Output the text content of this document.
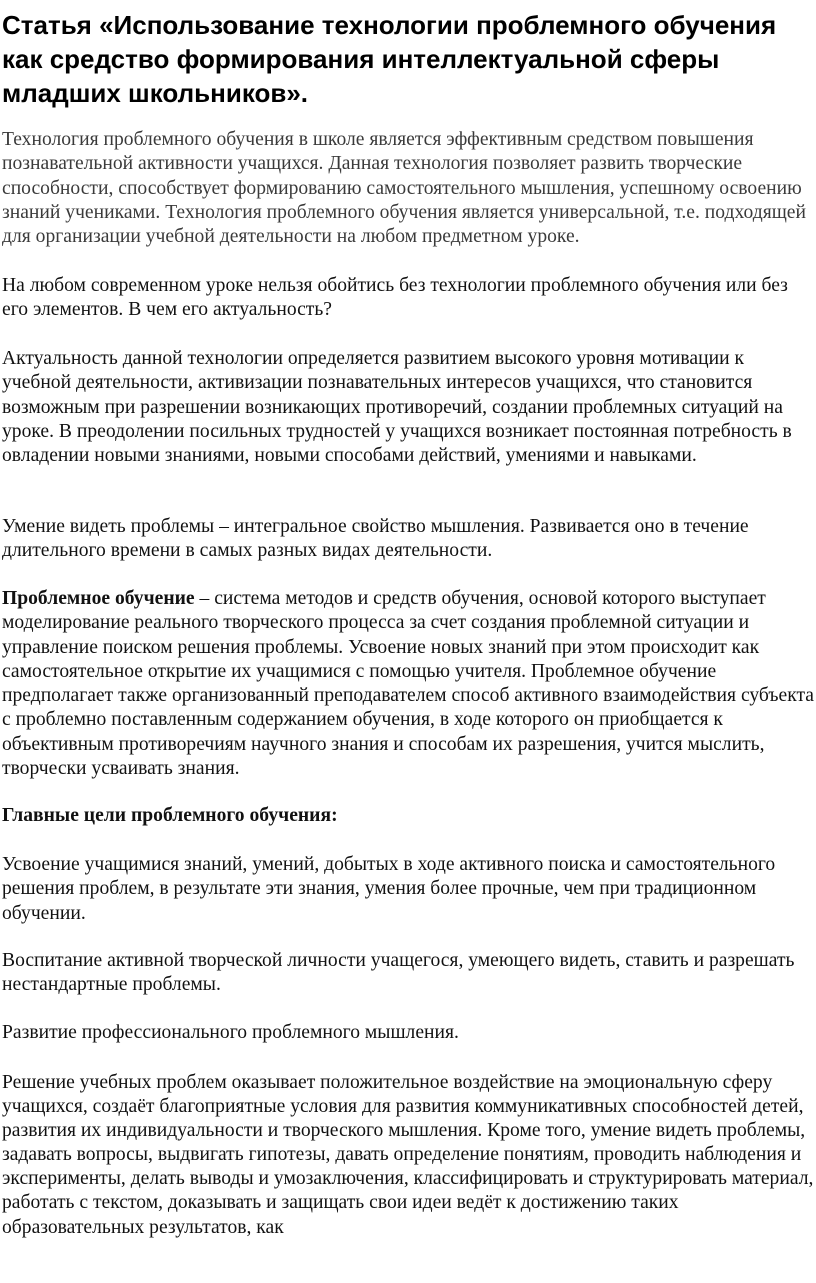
Статья «Использование технологии проблемного обучения как средство формирования интеллектуальной сферы младших школьников».

Технология проблемного обучения в школе является эффективным средством повышения познавательной активности учащихся. Данная технология позволяет развить творческие способности, способствует формированию самостоятельного мышления, успешному освоению знаний учениками. Технология проблемного обучения является универсальной, т.е. подходящей для организации учебной деятельности на любом предметном уроке.

На любом современном уроке нельзя обойтись без технологии проблемного обучения или без его элементов. В чем его актуальность?

Актуальность данной технологии определяется развитием высокого уровня мотивации к учебной деятельности, активизации познавательных интересов учащихся, что становится возможным при разрешении возникающих противоречий, создании проблемных ситуаций на уроке. В преодолении посильных трудностей у учащихся возникает постоянная потребность в овладении новыми знаниями, новыми способами действий, умениями и навыками.

Умение видеть проблемы – интегральное свойство мышления. Развивается оно в течение длительного времени в самых разных видах деятельности.

Проблемное обучение – система методов и средств обучения, основой которого выступает моделирование реального творческого процесса за счет создания проблемной ситуации и управление поиском решения проблемы. Усвоение новых знаний при этом происходит как самостоятельное открытие их учащимися с помощью учителя. Проблемное обучение предполагает также организованный преподавателем способ активного взаимодействия субъекта с проблемно поставленным содержанием обучения, в ходе которого он приобщается к объективным противоречиям научного знания и способам их разрешения, учится мыслить, творчески усваивать знания.

Главные цели проблемного обучения:

Усвоение учащимися знаний, умений, добытых в ходе активного поиска и самостоятельного решения проблем, в результате эти знания, умения более прочные, чем при традиционном обучении.

Воспитание активной творческой личности учащегося, умеющего видеть, ставить и разрешать нестандартные проблемы.

Развитие профессионального проблемного мышления.

Решение учебных проблем оказывает положительное воздействие на эмоциональную сферу учащихся, создаёт благоприятные условия для развития коммуникативных способностей детей, развития их индивидуальности и творческого мышления. Кроме того, умение видеть проблемы, задавать вопросы, выдвигать гипотезы, давать определение понятиям, проводить наблюдения и эксперименты, делать выводы и умозаключения, классифицировать и структурировать материал, работать с текстом, доказывать и защищать свои идеи ведёт к достижению таких образовательных результатов, как
